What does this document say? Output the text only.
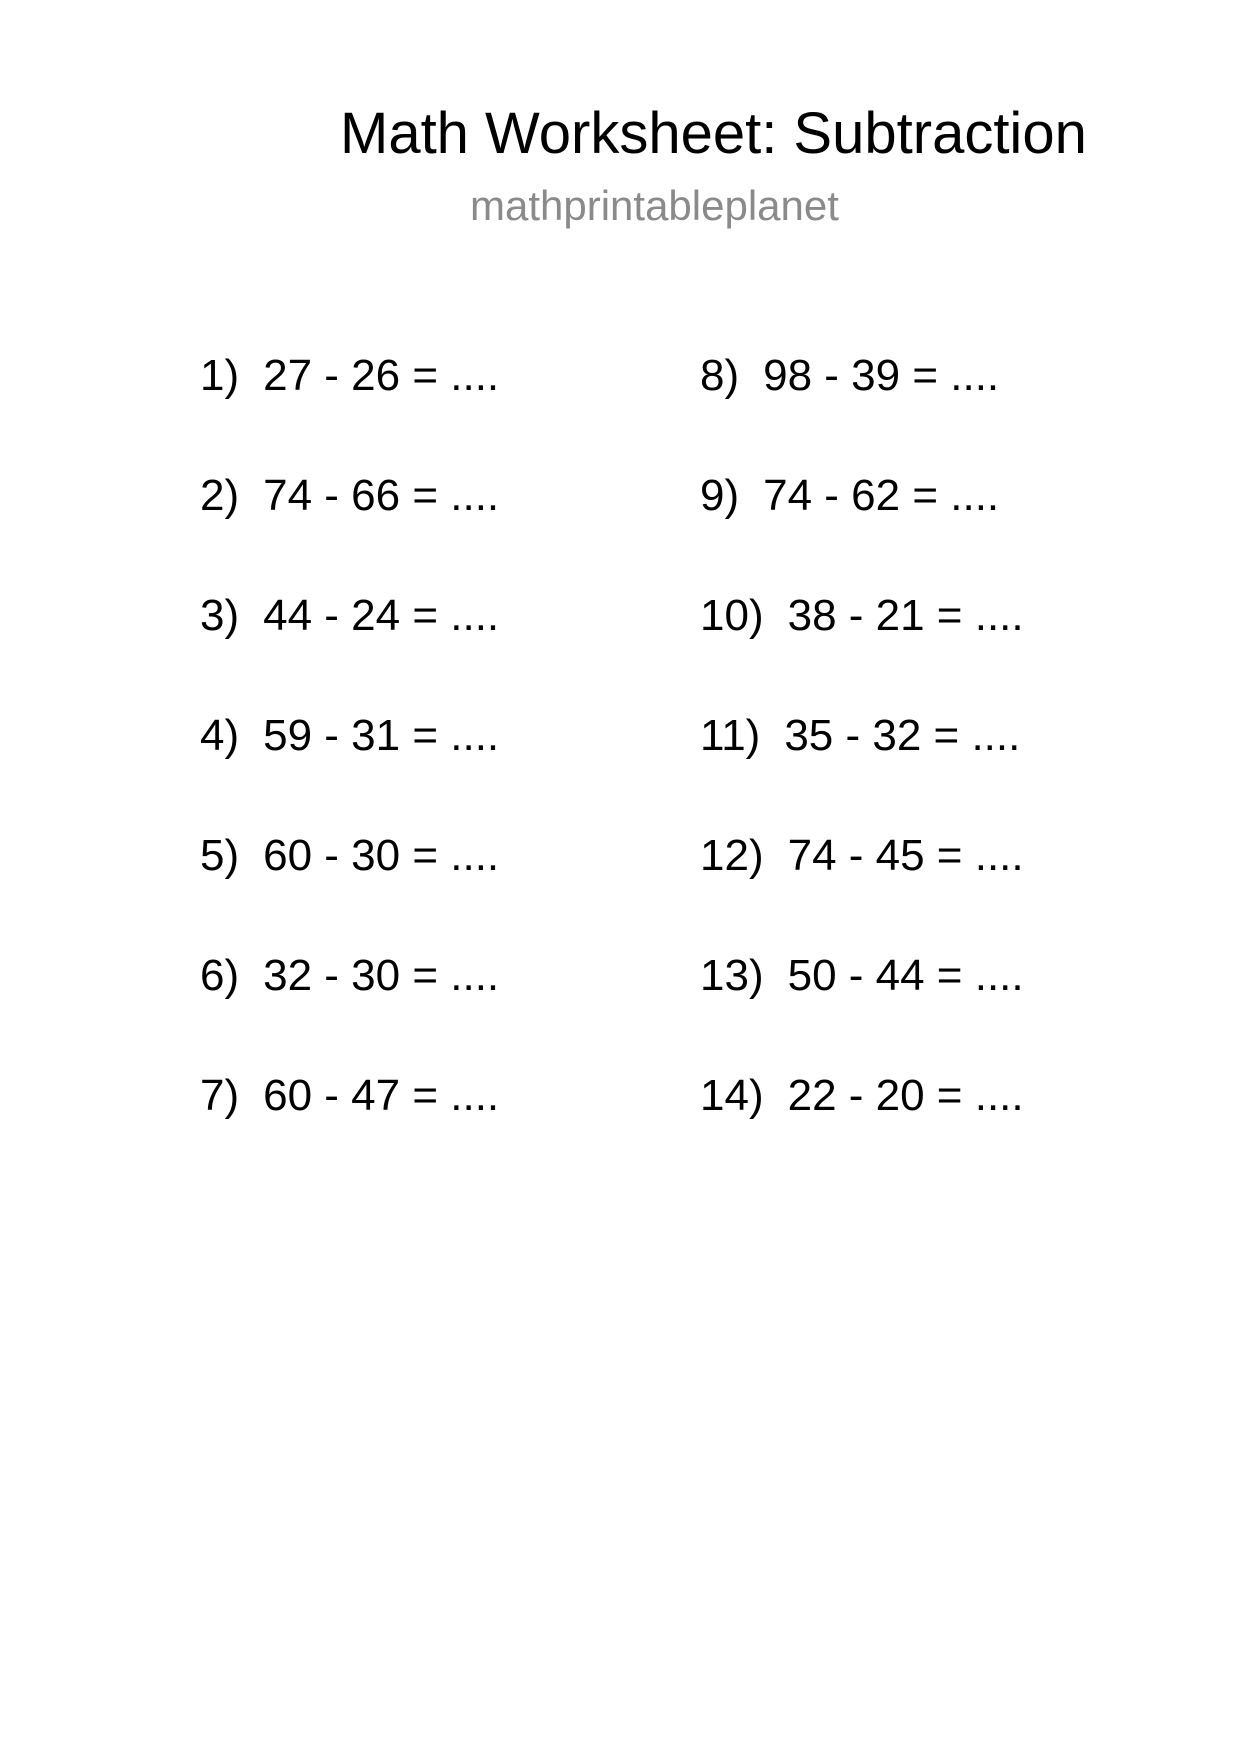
Math Worksheet: Subtraction
mathprintableplanet
1) 27 - 26 = ....
2) 74 - 66 = ....
3) 44 - 24 = ....
4) 59 - 31 = ....
5) 60 - 30 = ....
6) 32 - 30 = ....
7) 60 - 47 = ....
8) 98 - 39 = ....
9) 74 - 62 = ....
10) 38 - 21 = ....
11) 35 - 32 = ....
12) 74 - 45 = ....
13) 50 - 44 = ....
14) 22 - 20 = ....
